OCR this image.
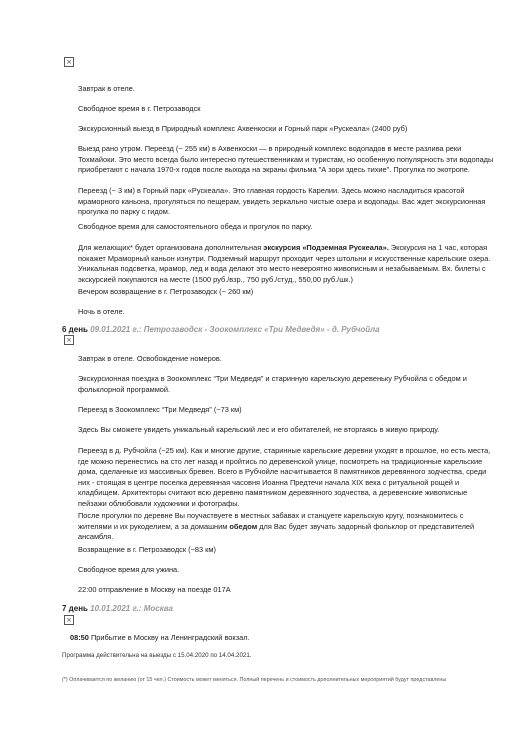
×

Завтрак в отеле.

Свободное время в г. Петрозаводск

Экскурсионный выезд в Природный комплекс Ахвенкоски и Горный парк «Рускеала» (2400 руб)

Выезд рано утром. Переезд (~ 255 км) в Ахвенкоски — в природный комплекс водопадов в месте разлива реки Тохмайоки. Это место всегда было интересно путешественникам и туристам, но особенную популярность эти водопады приобретают с начала 1970-х годов после выхода на экраны фильма "А зори здесь тихие". Прогулка по экотропе.

Переезд (~ 3 км) в Горный парк «Рускеала». Это главная гордость Карелии. Здесь можно насладиться красотой мраморного каньона, прогуляться по пещерам, увидеть зеркально чистые озера и водопады. Вас ждет экскурсионная прогулка по парку с гидом.

Свободное время для самостоятельного обеда и прогулок по парку.

Для желающих* будет организована дополнительная экскурсия «Подземная Рускеала». Экскурсия на 1 час, которая покажет Мраморный каньон изнутри. Подземный маршрут проходит через штольни и искусственные карельские озера. Уникальная подсветка, мрамор, лед и вода делают это место невероятно живописным и незабываемым. Вх. билеты с экскурсией покупаются на месте (1500 руб./взр., 750 руб./студ., 550,00 руб./шк.)

Вечером возвращение в г. Петрозаводск (~ 260 км)

Ночь в отеле.

6 день 09.01.2021 г.: Петрозаводск - Зоокомплекс «Три Медведя» - д. Рубчойла
×

Завтрак в отеле. Освобождение номеров.

Экскурсионная поездка в Зоокомплекс “Три Медведя” и старинную карельскую деревеньку Рубчойла с обедом и фольклорной программой.

Переезд в Зоокомплекс “Три Медведя” (~73 км)

Здесь Вы сможете увидеть уникальный карельский лес и его обитателей, не вторгаясь в живую природу.

Переезд в д. Рубчойла (~25 км). Как и многие другие, старинные карельские деревни уходят в прошлое, но есть места, где можно перенестись на сто лет назад и пройтись по деревенской улице, посмотреть на традиционные карельские дома, сделанные из массивных бревен. Всего в Рубчойле насчитывается 8 памятников деревянного зодчества, среди них - стоящая в центре поселка деревянная часовня Иоанна Предтечи начала XIX века с ритуальной рощей и кладбищем. Архитекторы считают всю деревню памятником деревянного зодчества, а деревенские живописные пейзажи облюбовали художники и фотографы.

После прогулки по деревне Вы поучаствуете в местных забавах и станцуете карельскую кругу, познакомитесь с жителями и их рукоделием, а за домашним обедом для Вас будет звучать задорный фольклор от представителей ансамбля.

Возвращение в г. Петрозаводск (~83 км)

Свободное время для ужина.

22:00 отправление в Москву на поезде 017А

7 день 10.01.2021 г.: Москва
×

08:50 Прибытие в Москву на Ленинградский вокзал.

Программа действительна на выезды с 15.04.2020 по 14.04.2021.
(*) Оплачивается по желанию (от 15 чел.) Стоимость может меняться. Полный перечень и стоимость дополнительных мероприятий будут представлены
